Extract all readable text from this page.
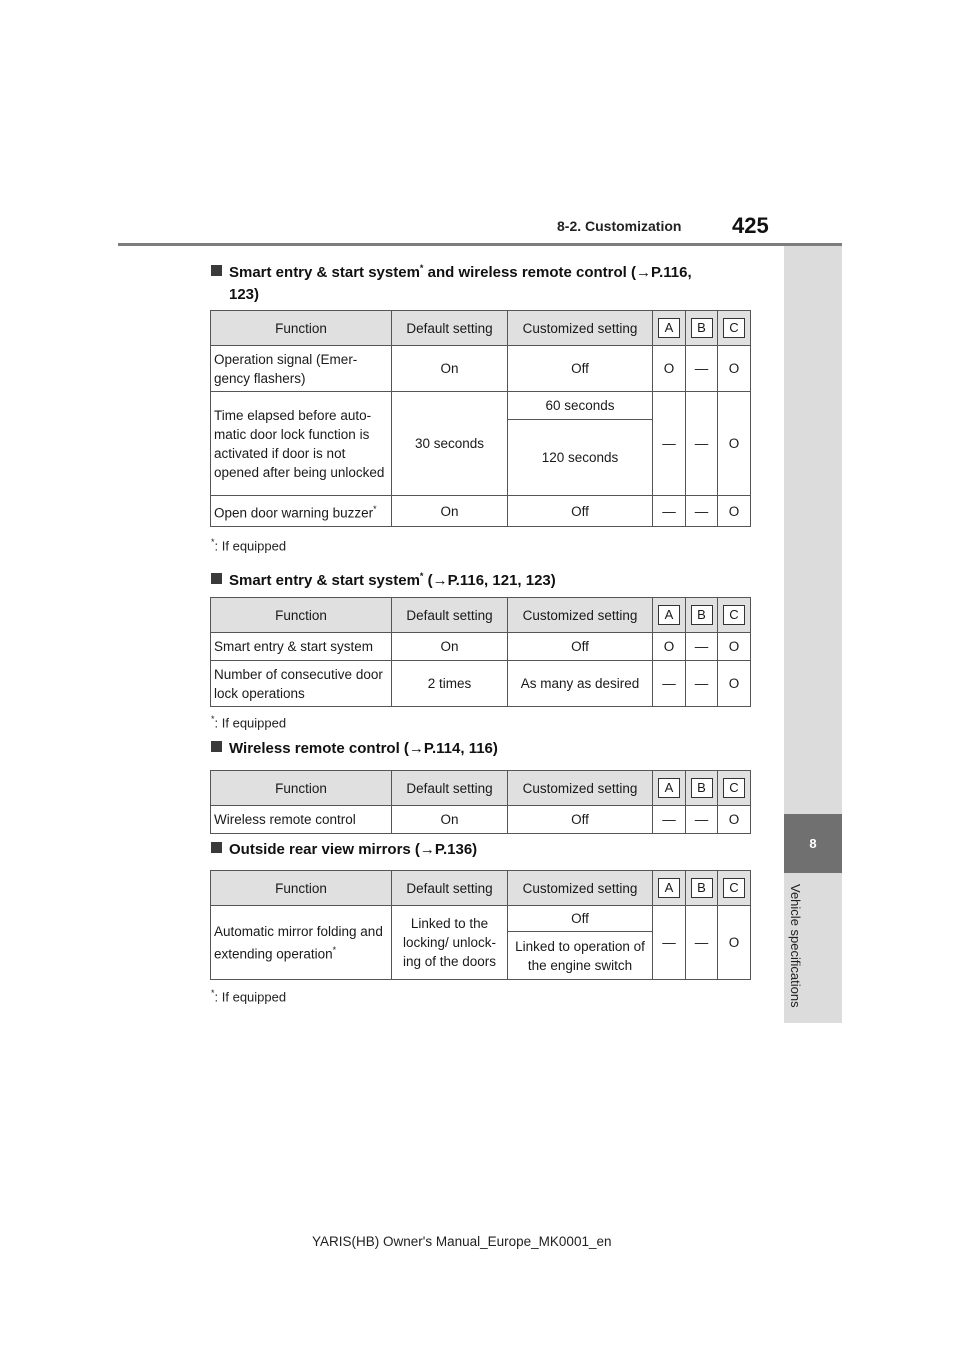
8-2. Customization 425
8
Vehicle specifications
Smart entry & start system* and wireless remote control (→P.116,
123)
Function	Default setting	Customized setting	A	B	C
Operation signal (Emer-gency flashers)	On	Off	O	—	O
Time elapsed before auto-matic door lock function is activated if door is not opened after being unlocked	30 seconds	60 seconds	—	—	O
		120 seconds			
Open door warning buzzer*	On	Off	—	—	O
*: If equipped
Smart entry & start system* (→P.116, 121, 123)
Function	Default setting	Customized setting	A	B	C
Smart entry & start system	On	Off	O	—	O
Number of consecutive door lock operations	2 times	As many as desired	—	—	O
*: If equipped
Wireless remote control (→P.114, 116)
Function	Default setting	Customized setting	A	B	C
Wireless remote control	On	Off	—	—	O
Outside rear view mirrors (→P.136)
Function	Default setting	Customized setting	A	B	C
Automatic mirror folding and extending operation*	Linked to the locking/ unlock-ing of the doors	Off	—	—	O
		Linked to operation of the engine switch			
*: If equipped
YARIS(HB) Owner's Manual_Europe_MK0001_en
